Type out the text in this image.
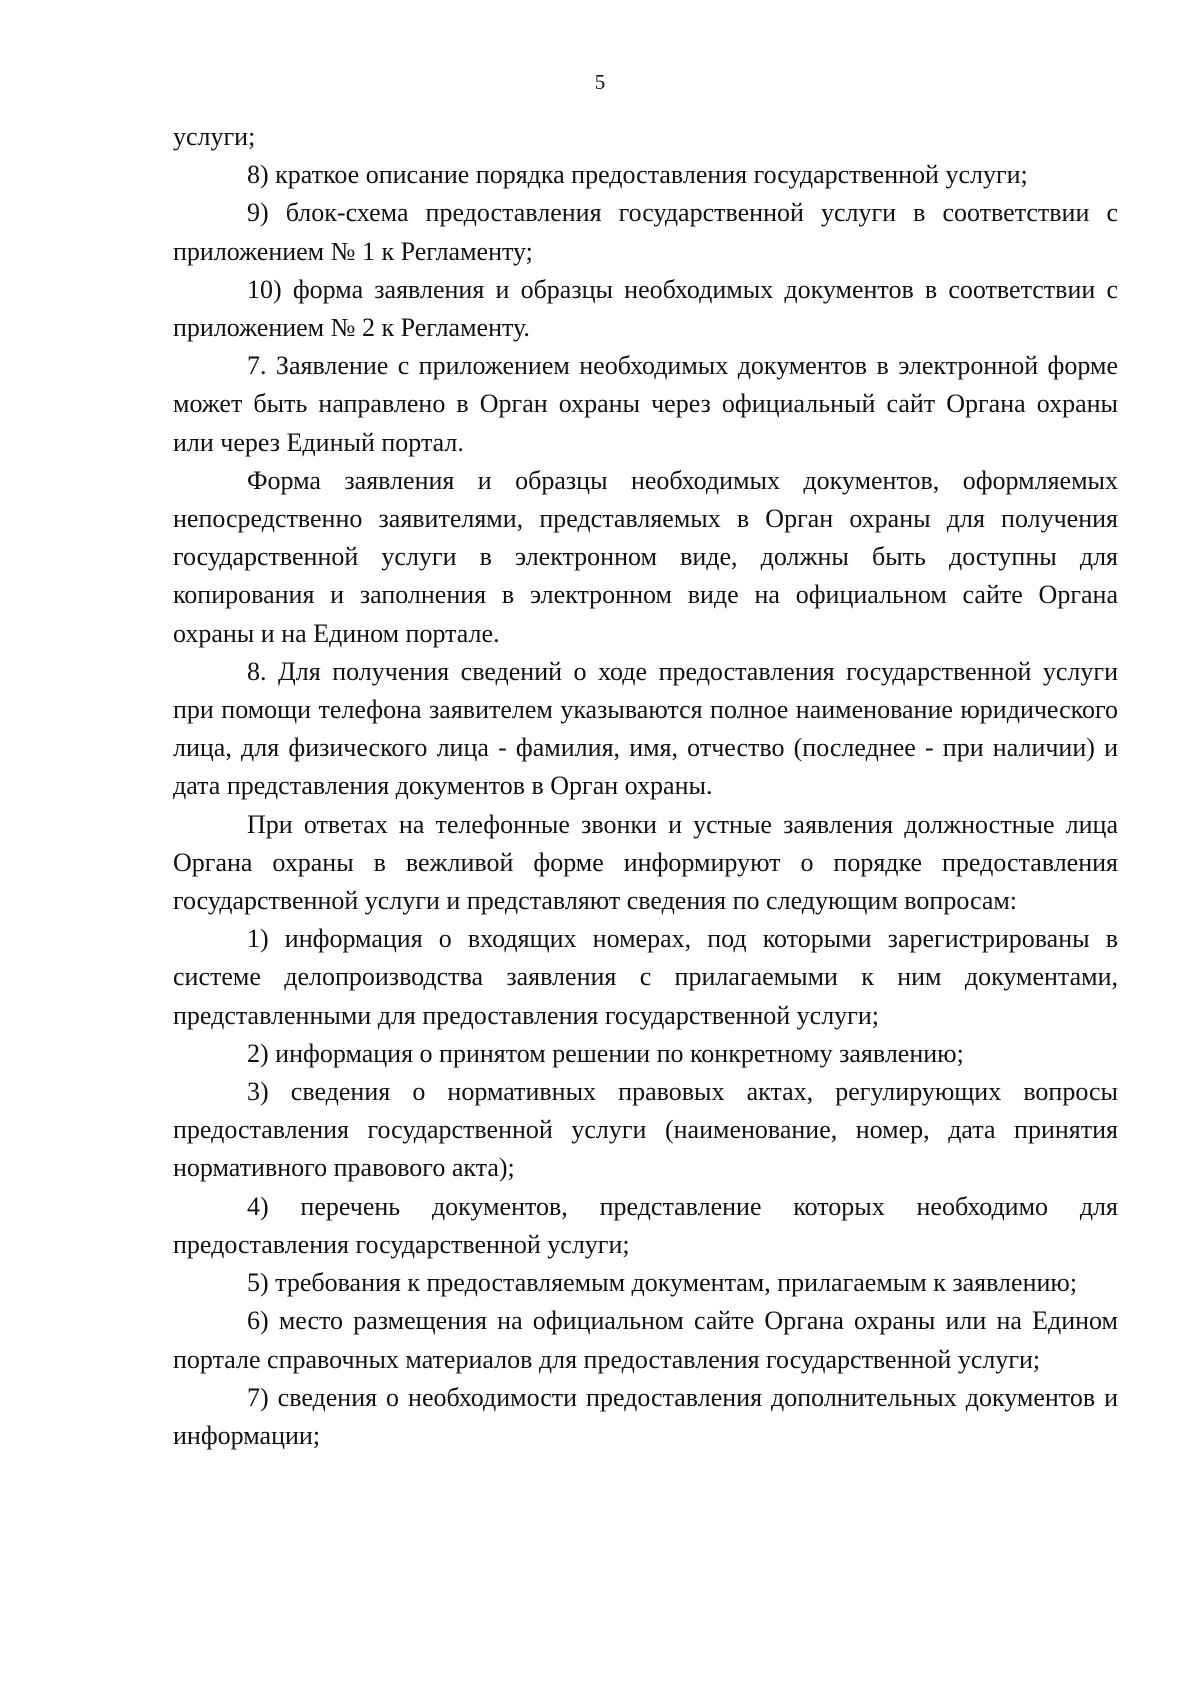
5

услуги;

8) краткое описание порядка предоставления государственной услуги;

9) блок-схема предоставления государственной услуги в соответствии с приложением № 1 к Регламенту;

10) форма заявления и образцы необходимых документов в соответствии с приложением № 2 к Регламенту.

7. Заявление с приложением необходимых документов в электронной форме может быть направлено в Орган охраны через официальный сайт Органа охраны или через Единый портал.

Форма заявления и образцы необходимых документов, оформляемых непосредственно заявителями, представляемых в Орган охраны для получения государственной услуги в электронном виде, должны быть доступны для копирования и заполнения в электронном виде на официальном сайте Органа охраны и на Едином портале.

8. Для получения сведений о ходе предоставления государственной услуги при помощи телефона заявителем указываются полное наименование юридического лица, для физического лица - фамилия, имя, отчество (последнее - при наличии) и дата представления документов в Орган охраны.

При ответах на телефонные звонки и устные заявления должностные лица Органа охраны в вежливой форме информируют о порядке предоставления государственной услуги и представляют сведения по следующим вопросам:

1) информация о входящих номерах, под которыми зарегистрированы в системе делопроизводства заявления с прилагаемыми к ним документами, представленными для предоставления государственной услуги;

2) информация о принятом решении по конкретному заявлению;

3) сведения о нормативных правовых актах, регулирующих вопросы предоставления государственной услуги (наименование, номер, дата принятия нормативного правового акта);

4) перечень документов, представление которых необходимо для предоставления государственной услуги;

5) требования к предоставляемым документам, прилагаемым к заявлению;

6) место размещения на официальном сайте Органа охраны или на Едином портале справочных материалов для предоставления государственной услуги;

7) сведения о необходимости предоставления дополнительных документов и информации;
